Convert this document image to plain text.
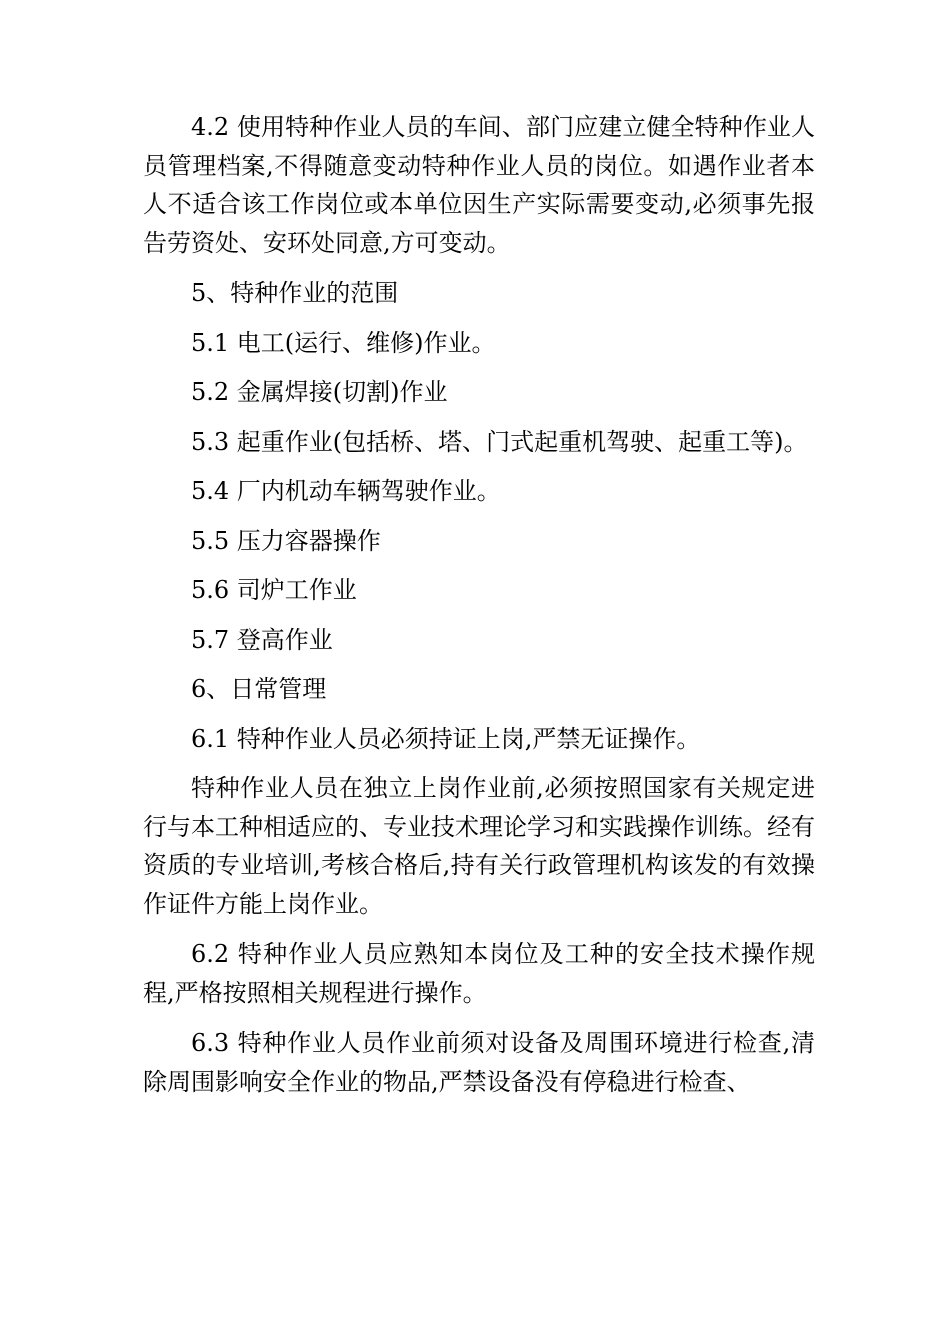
4.2 使用特种作业人员的车间、部门应建立健全特种作业人员管理档案,不得随意变动特种作业人员的岗位。如遇作业者本人不适合该工作岗位或本单位因生产实际需要变动,必须事先报告劳资处、安环处同意,方可变动。

5、特种作业的范围

5.1 电工(运行、维修)作业。

5.2 金属焊接(切割)作业

5.3 起重作业(包括桥、塔、门式起重机驾驶、起重工等)。

5.4 厂内机动车辆驾驶作业。

5.5 压力容器操作

5.6 司炉工作业

5.7 登高作业

6、日常管理

6.1 特种作业人员必须持证上岗,严禁无证操作。

特种作业人员在独立上岗作业前,必须按照国家有关规定进行与本工种相适应的、专业技术理论学习和实践操作训练。经有资质的专业培训,考核合格后,持有关行政管理机构该发的有效操作证件方能上岗作业。

6.2 特种作业人员应熟知本岗位及工种的安全技术操作规程,严格按照相关规程进行操作。

6.3 特种作业人员作业前须对设备及周围环境进行检查,清除周围影响安全作业的物品,严禁设备没有停稳进行检查、
